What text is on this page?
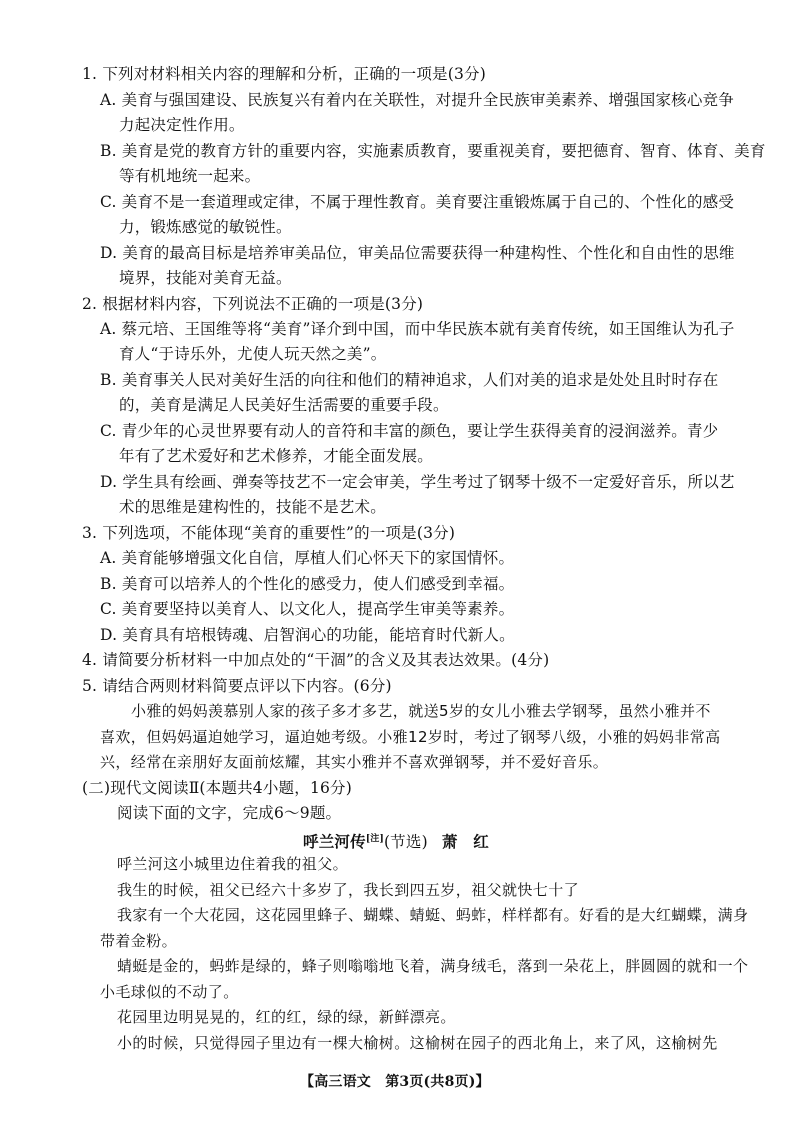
1. 下列对材料相关内容的理解和分析，正确的一项是(3分)
A. 美育与强国建设、民族复兴有着内在关联性，对提升全民族审美素养、增强国家核心竞争
力起决定性作用。
B. 美育是党的教育方针的重要内容，实施素质教育，要重视美育，要把德育、智育、体育、美育
等有机地统一起来。
C. 美育不是一套道理或定律，不属于理性教育。美育要注重锻炼属于自己的、个性化的感受
力，锻炼感觉的敏锐性。
D. 美育的最高目标是培养审美品位，审美品位需要获得一种建构性、个性化和自由性的思维
境界，技能对美育无益。
2. 根据材料内容，下列说法不正确的一项是(3分)
A. 蔡元培、王国维等将“美育”译介到中国，而中华民族本就有美育传统，如王国维认为孔子
育人“于诗乐外，尤使人玩天然之美”。
B. 美育事关人民对美好生活的向往和他们的精神追求，人们对美的追求是处处且时时存在
的，美育是满足人民美好生活需要的重要手段。
C. 青少年的心灵世界要有动人的音符和丰富的颜色，要让学生获得美育的浸润滋养。青少
年有了艺术爱好和艺术修养，才能全面发展。
D. 学生具有绘画、弹奏等技艺不一定会审美，学生考过了钢琴十级不一定爱好音乐，所以艺
术的思维是建构性的，技能不是艺术。
3. 下列选项，不能体现“美育的重要性”的一项是(3分)
A. 美育能够增强文化自信，厚植人们心怀天下的家国情怀。
B. 美育可以培养人的个性化的感受力，使人们感受到幸福。
C. 美育要坚持以美育人、以文化人，提高学生审美等素养。
D. 美育具有培根铸魂、启智润心的功能，能培育时代新人。
4. 请简要分析材料一中加点处的“干涸”的含义及其表达效果。(4分)
5. 请结合两则材料简要点评以下内容。(6分)
小雅的妈妈羡慕别人家的孩子多才多艺，就送5岁的女儿小雅去学钢琴，虽然小雅并不
喜欢，但妈妈逼迫她学习，逼迫她考级。小雅12岁时，考过了钢琴八级，小雅的妈妈非常高
兴，经常在亲朋好友面前炫耀，其实小雅并不喜欢弹钢琴，并不爱好音乐。
(二)现代文阅读Ⅱ(本题共4小题，16分)
阅读下面的文字，完成6～9题。
呼兰河传[注](节选) 萧　红
呼兰河这小城里边住着我的祖父。
我生的时候，祖父已经六十多岁了，我长到四五岁，祖父就快七十了
我家有一个大花园，这花园里蜂子、蝴蝶、蜻蜓、蚂蚱，样样都有。好看的是大红蝴蝶，满身
带着金粉。
蜻蜓是金的，蚂蚱是绿的，蜂子则嗡嗡地飞着，满身绒毛，落到一朵花上，胖圆圆的就和一个
小毛球似的不动了。
花园里边明晃晃的，红的红，绿的绿，新鲜漂亮。
小的时候，只觉得园子里边有一棵大榆树。这榆树在园子的西北角上，来了风，这榆树先
【高三语文　第3页(共8页)】
